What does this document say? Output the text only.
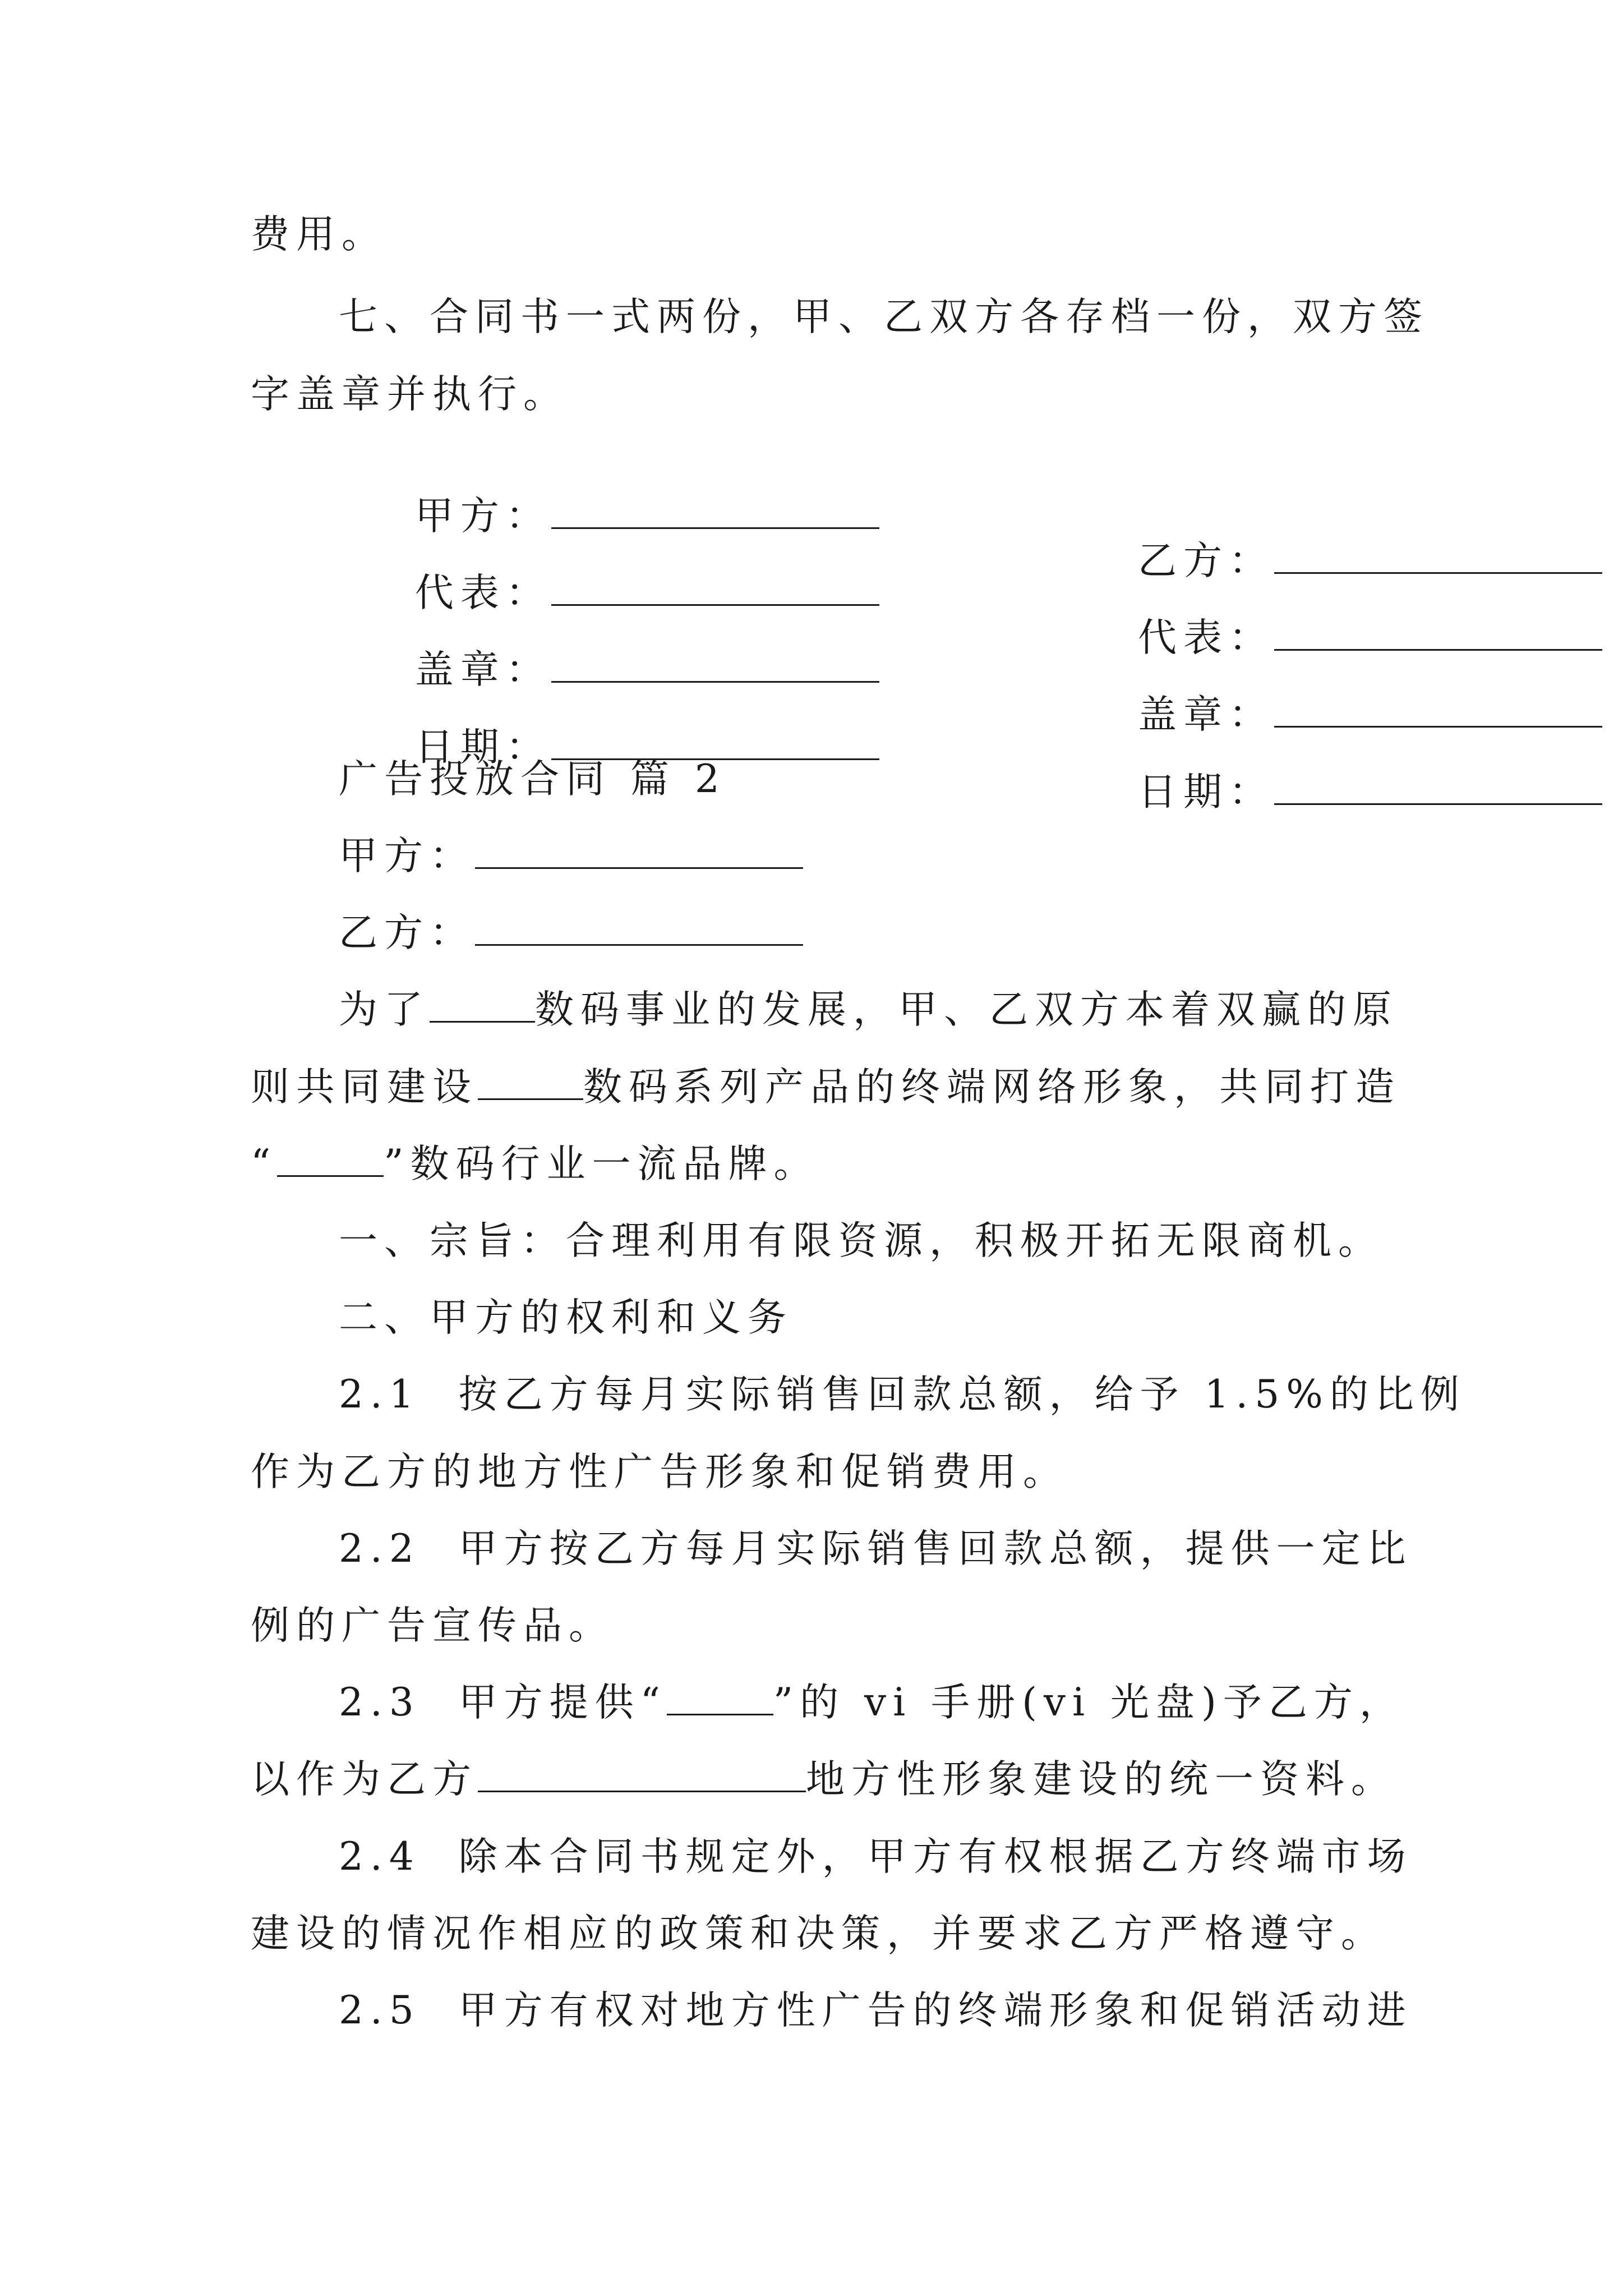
费用。
七、合同书一式两份，甲、乙双方各存档一份，双方签
字盖章并执行。

甲方：

乙方：

代表：

代表：

盖章：

盖章：

日期：

日期：

广告投放合同 篇 2
甲方：
乙方：
为了	数码事业的发展，甲、乙双方本着双赢的原
则共同建设	数码系列产品的终端网络形象，共同打造
“	”数码行业一流品牌。
一、宗旨：合理利用有限资源，积极开拓无限商机。
二、甲方的权利和义务
2.1  按乙方每月实际销售回款总额，给予 1.5%的比例
作为乙方的地方性广告形象和促销费用。
2.2  甲方按乙方每月实际销售回款总额，提供一定比
例的广告宣传品。
2.3  甲方提供“	”的 vi 手册(vi 光盘)予乙方，
以作为乙方	地方性形象建设的统一资料。
2.4  除本合同书规定外，甲方有权根据乙方终端市场
建设的情况作相应的政策和决策，并要求乙方严格遵守。
2.5  甲方有权对地方性广告的终端形象和促销活动进
